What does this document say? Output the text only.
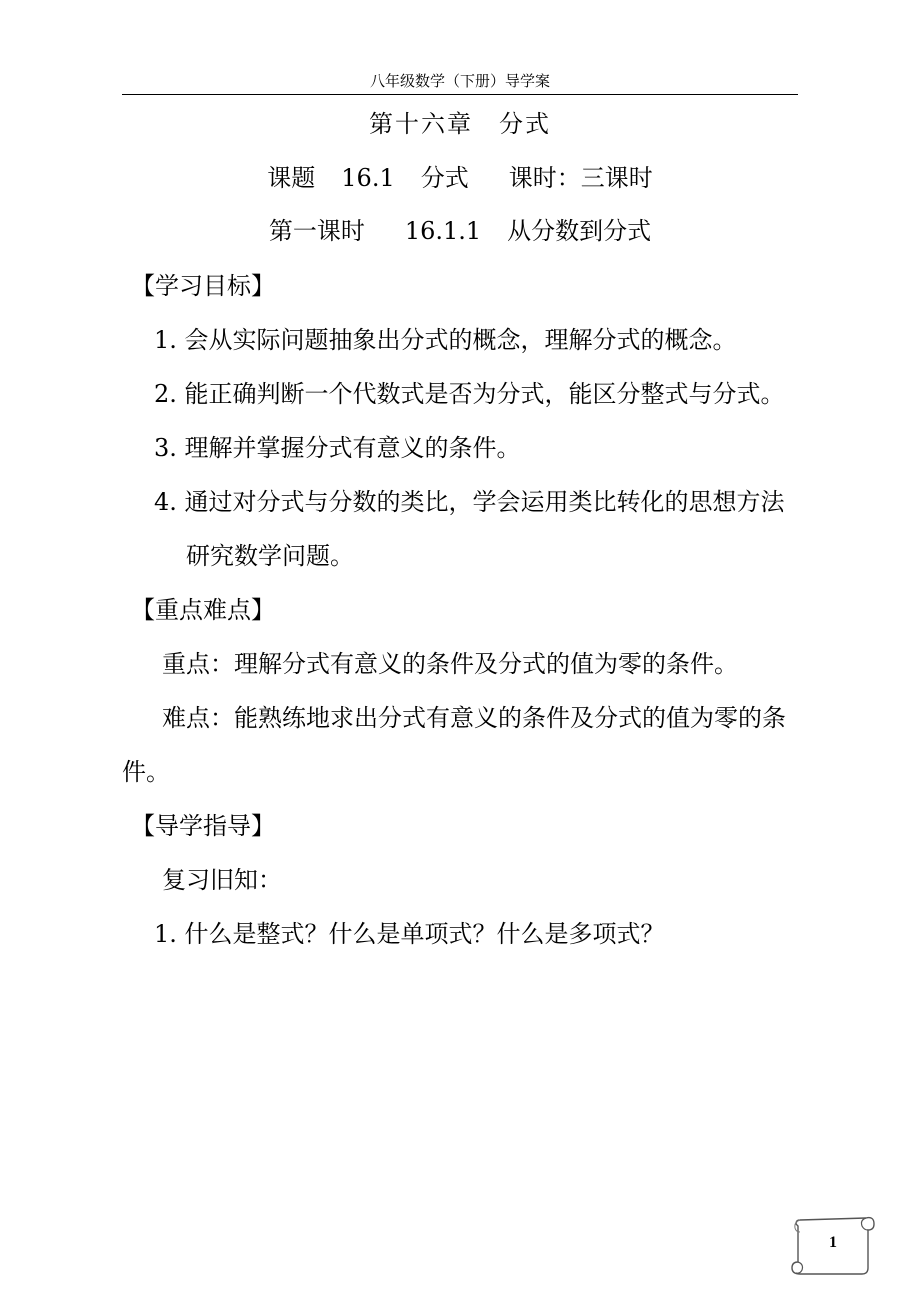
八年级数学（下册）导学案
第十六章　分式
课题 16.1 分式 课时：三课时
第一课时 16.1.1 从分数到分式
【学习目标】
1. 会从实际问题抽象出分式的概念，理解分式的概念。
2. 能正确判断一个代数式是否为分式，能区分整式与分式。
3. 理解并掌握分式有意义的条件。
4. 通过对分式与分数的类比，学会运用类比转化的思想方法
研究数学问题。
【重点难点】
重点：理解分式有意义的条件及分式的值为零的条件。
难点：能熟练地求出分式有意义的条件及分式的值为零的条
件。
【导学指导】
复习旧知：
1. 什么是整式？什么是单项式？什么是多项式？
1
